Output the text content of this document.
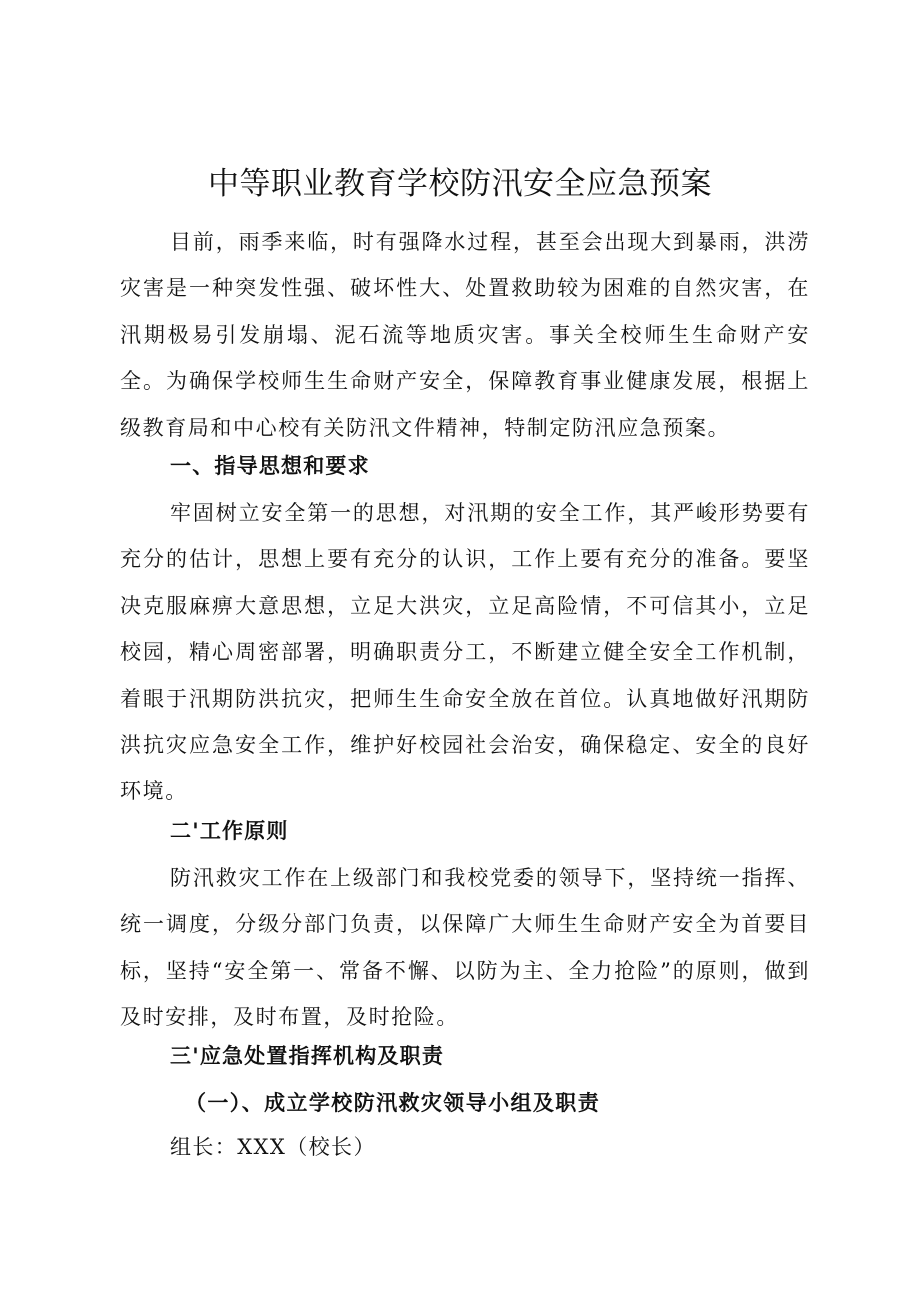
中等职业教育学校防汛安全应急预案

目前，雨季来临，时有强降水过程，甚至会出现大到暴雨，洪涝灾害是一种突发性强、破坏性大、处置救助较为困难的自然灾害，在汛期极易引发崩塌、泥石流等地质灾害。事关全校师生生命财产安全。为确保学校师生生命财产安全，保障教育事业健康发展，根据上级教育局和中心校有关防汛文件精神，特制定防汛应急预案。

一、指导思想和要求

牢固树立安全第一的思想，对汛期的安全工作，其严峻形势要有充分的估计，思想上要有充分的认识，工作上要有充分的准备。要坚决克服麻痹大意思想，立足大洪灾，立足高险情，不可信其小，立足校园，精心周密部署，明确职责分工，不断建立健全安全工作机制，着眼于汛期防洪抗灾，把师生生命安全放在首位。认真地做好汛期防洪抗灾应急安全工作，维护好校园社会治安，确保稳定、安全的良好环境。

二'工作原则

防汛救灾工作在上级部门和我校党委的领导下，坚持统一指挥、统一调度，分级分部门负责，以保障广大师生生命财产安全为首要目标，坚持“安全第一、常备不懈、以防为主、全力抢险”的原则，做到及时安排，及时布置，及时抢险。

三'应急处置指挥机构及职责

（一）、成立学校防汛救灾领导小组及职责

组长：XXX（校长）
